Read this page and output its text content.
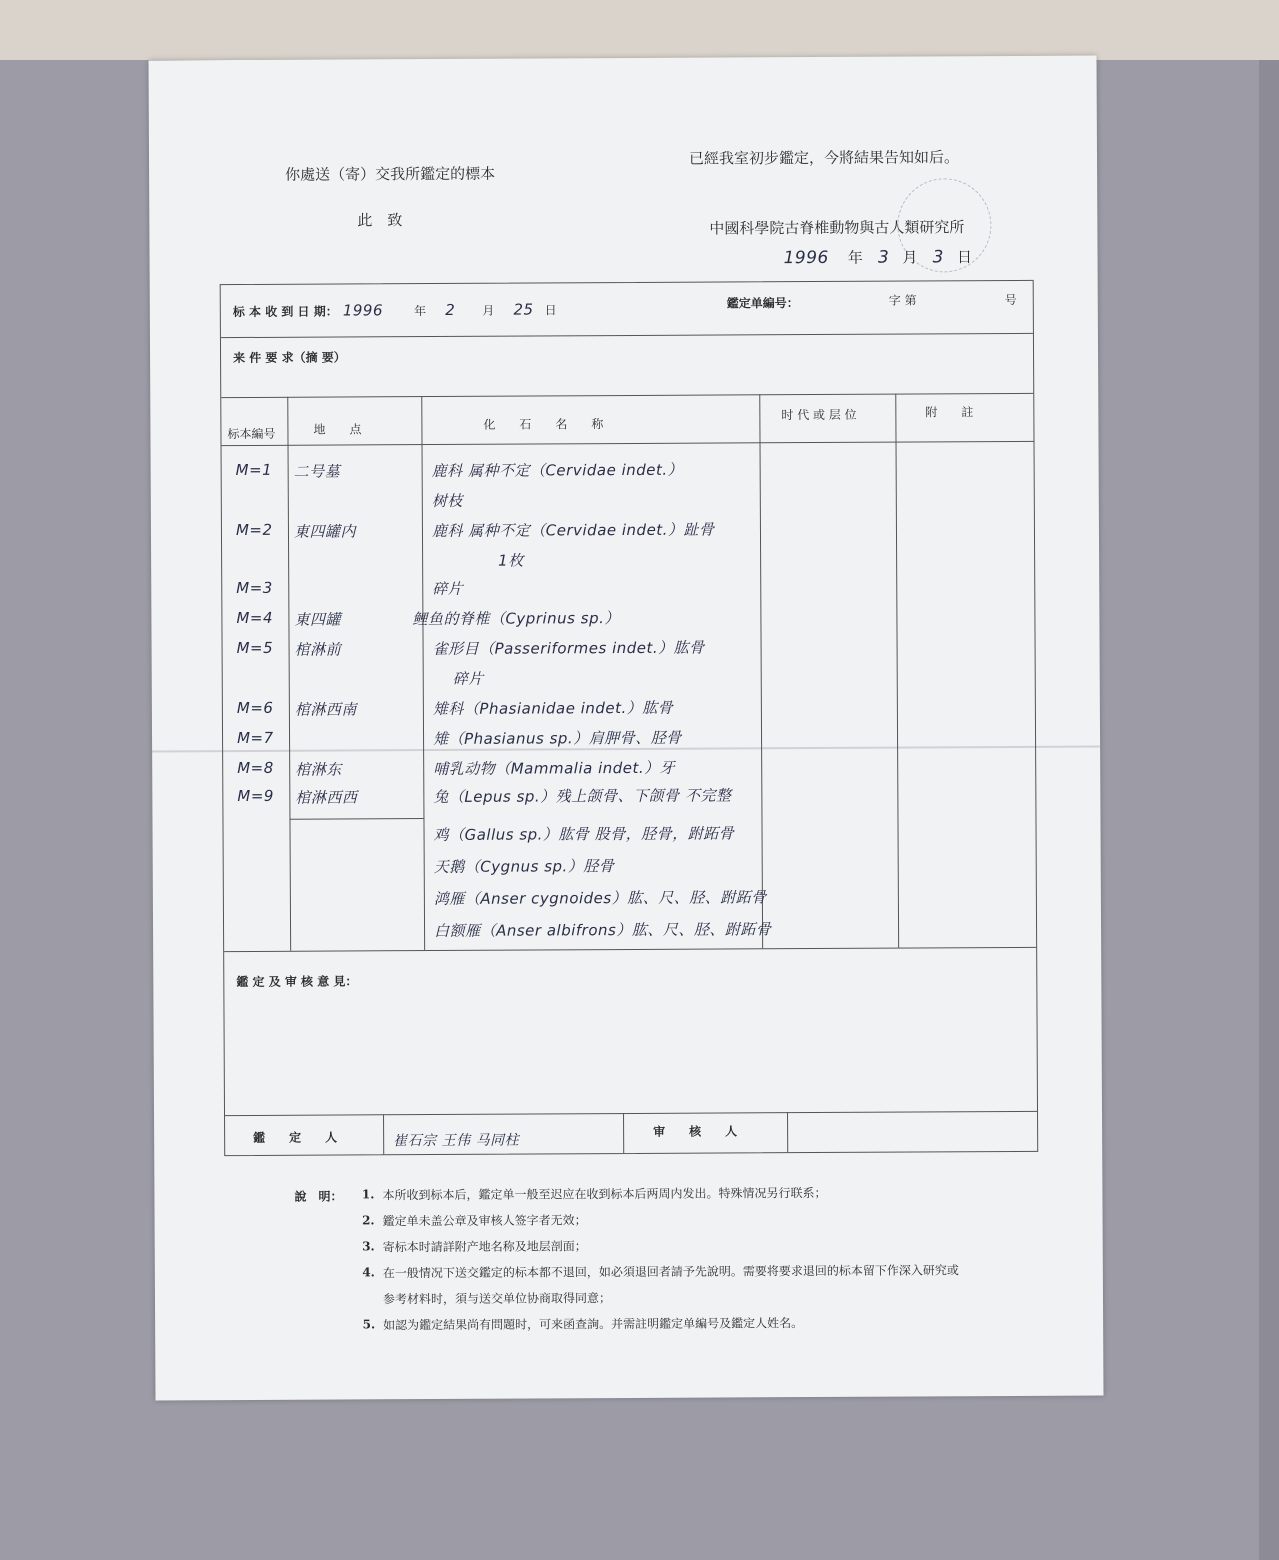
你處送（寄）交我所鑑定的標本
已經我室初步鑑定，今將結果告知如后。
此　致	中國科學院古脊椎動物與古人類研究所
1996 年 3 月 3 日
标 本 收 到 日 期： 1996	年 2 月 25 日	鑑定单編号：	字 第	号
来 件 要 求（摘 要）
标本編号	地　　点	化　　石　　名　　称
时 代 或 层 位	附　　註
M=1 二号墓	鹿科 属种不定（Cervidae indet.）
树枝
M=2 東四罐内	鹿科 属种不定（Cervidae indet.）趾骨
1枚
M=3	碎片
M=4 東四罐	鲤鱼的脊椎（Cyprinus sp.）
M=5 棺淋前	雀形目（Passeriformes indet.）肱骨
碎片
M=6 棺淋西南	雉科（Phasianidae indet.）肱骨
M=7	雉（Phasianus sp.）肩胛骨、胫骨
M=8 棺淋东	哺乳动物（Mammalia indet.）牙
M=9 棺淋西西	兔（Lepus sp.）残上颌骨、下颌骨 不完整
鸡（Gallus sp.）肱骨 股骨，胫骨，跗跖骨
天鹅（Cygnus sp.）胫骨
鸿雁（Anser cygnoides）肱、尺、胫、跗跖骨
白额雁（Anser albifrons）肱、尺、胫、跗跖骨
鑑 定 及 审 核 意 見：
鑑　　定　　人	崔石宗 王伟 马同柱
审　　核　　人
說　明：	1. 本所收到标本后，鑑定单一般至迟应在收到标本后两周内发出。特殊情况另行联系；
2. 鑑定单未盖公章及审核人签字者无效；
3. 寄标本时請詳附产地名称及地层剖面；
4. 在一般情况下送交鑑定的标本都不退回，如必須退回者請予先說明。需要将要求退回的标本留下作深入研究或
参考材料时，須与送交单位协商取得同意；
5. 如認为鑑定結果尚有問題时，可来函查詢。并需註明鑑定单編号及鑑定人姓名。
